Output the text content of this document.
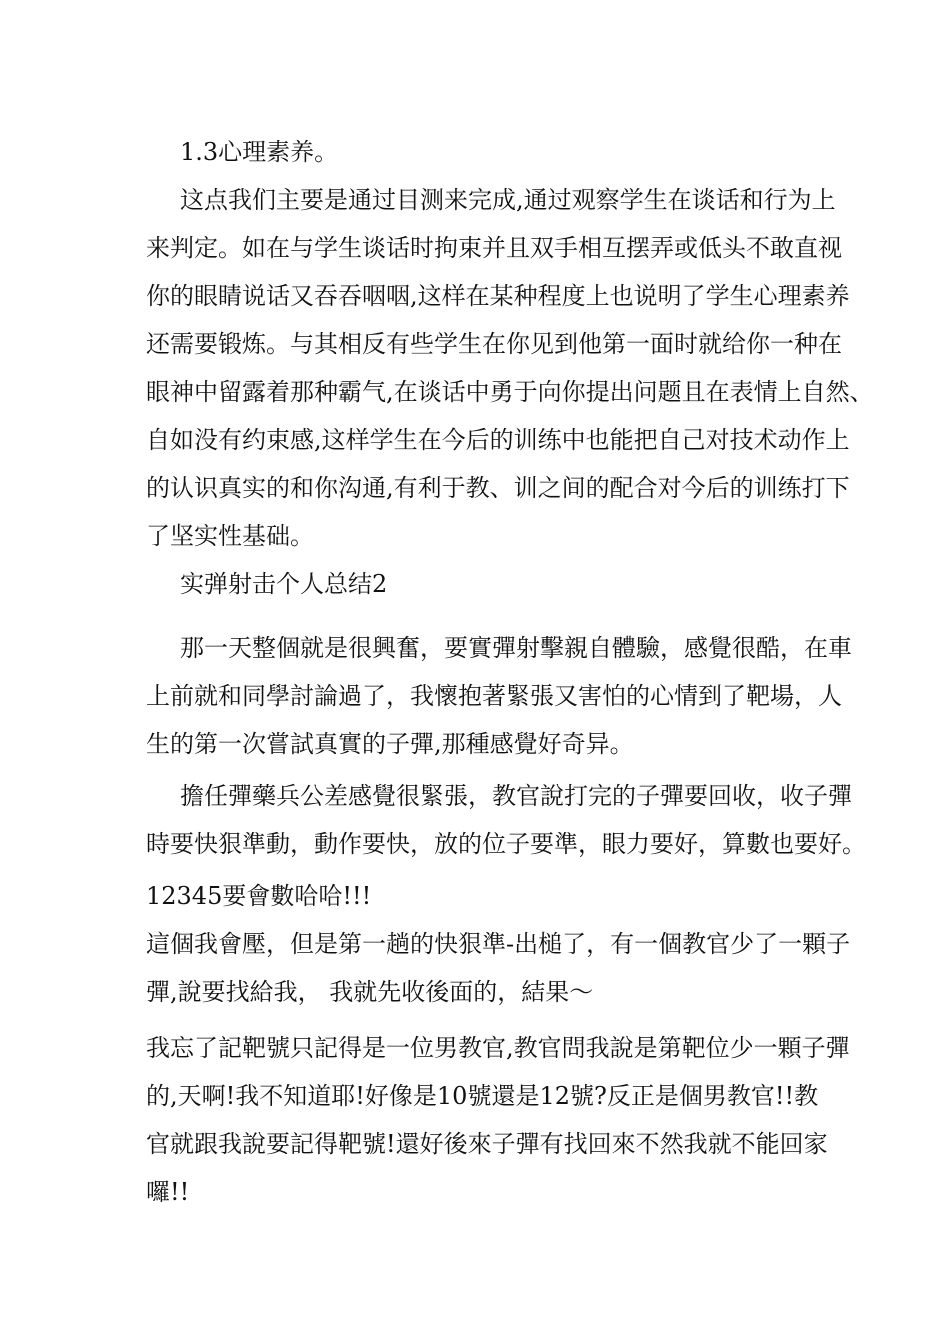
1.3心理素养。

这点我们主要是通过目测来完成,通过观察学生在谈话和行为上
来判定。如在与学生谈话时拘束并且双手相互摆弄或低头不敢直视
你的眼睛说话又吞吞咽咽,这样在某种程度上也说明了学生心理素养
还需要锻炼。与其相反有些学生在你见到他第一面时就给你一种在
眼神中留露着那种霸气,在谈话中勇于向你提出问题且在表情上自然、
自如没有约束感,这样学生在今后的训练中也能把自己对技术动作上
的认识真实的和你沟通,有利于教、训之间的配合对今后的训练打下
了坚实性基础。

实弹射击个人总结2

那一天整個就是很興奮，要實彈射擊親自體驗，感覺很酷，在車
上前就和同學討論過了，我懷抱著緊張又害怕的心情到了靶場，人
生的第一次嘗試真實的子彈,那種感覺好奇异。

擔任彈藥兵公差感覺很緊張，教官說打完的子彈要回收，收子彈
時要快狠準動，動作要快，放的位子要準，眼力要好，算數也要好。

12345要會數哈哈!!!

這個我會壓，但是第一趟的快狠準-出槌了，有一個教官少了一顆子
彈,說要找給我， 我就先收後面的，結果～

我忘了記靶號只記得是一位男教官,教官問我說是第靶位少一顆子彈
的,天啊!我不知道耶!好像是10號還是12號?反正是個男教官!!教
官就跟我說要記得靶號!還好後來子彈有找回來不然我就不能回家
囉!!
